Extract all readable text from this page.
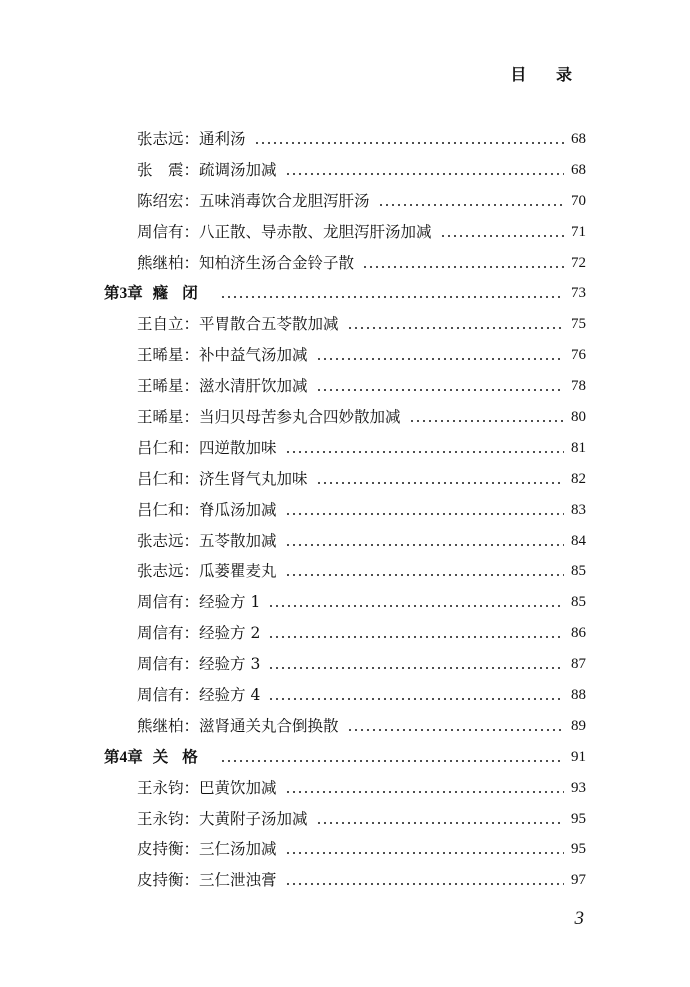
目 录
张志远：通利汤	68
张　震：疏调汤加减	68
陈绍宏：五味消毒饮合龙胆泻肝汤	70
周信有：八正散、导赤散、龙胆泻肝汤加减	71
熊继柏：知柏济生汤合金铃子散	72
第3章 癃闭	73
王自立：平胃散合五苓散加减	75
王晞星：补中益气汤加减	76
王晞星：滋水清肝饮加减	78
王晞星：当归贝母苦参丸合四妙散加减	80
吕仁和：四逆散加味	81
吕仁和：济生肾气丸加味	82
吕仁和：脊瓜汤加减	83
张志远：五苓散加减	84
张志远：瓜蒌瞿麦丸	85
周信有：经验方 1	85
周信有：经验方 2	86
周信有：经验方 3	87
周信有：经验方 4	88
熊继柏：滋肾通关丸合倒换散	89
第4章 关格	91
王永钧：巴黄饮加减	93
王永钧：大黄附子汤加减	95
皮持衡：三仁汤加减	95
皮持衡：三仁泄浊膏	97
3
